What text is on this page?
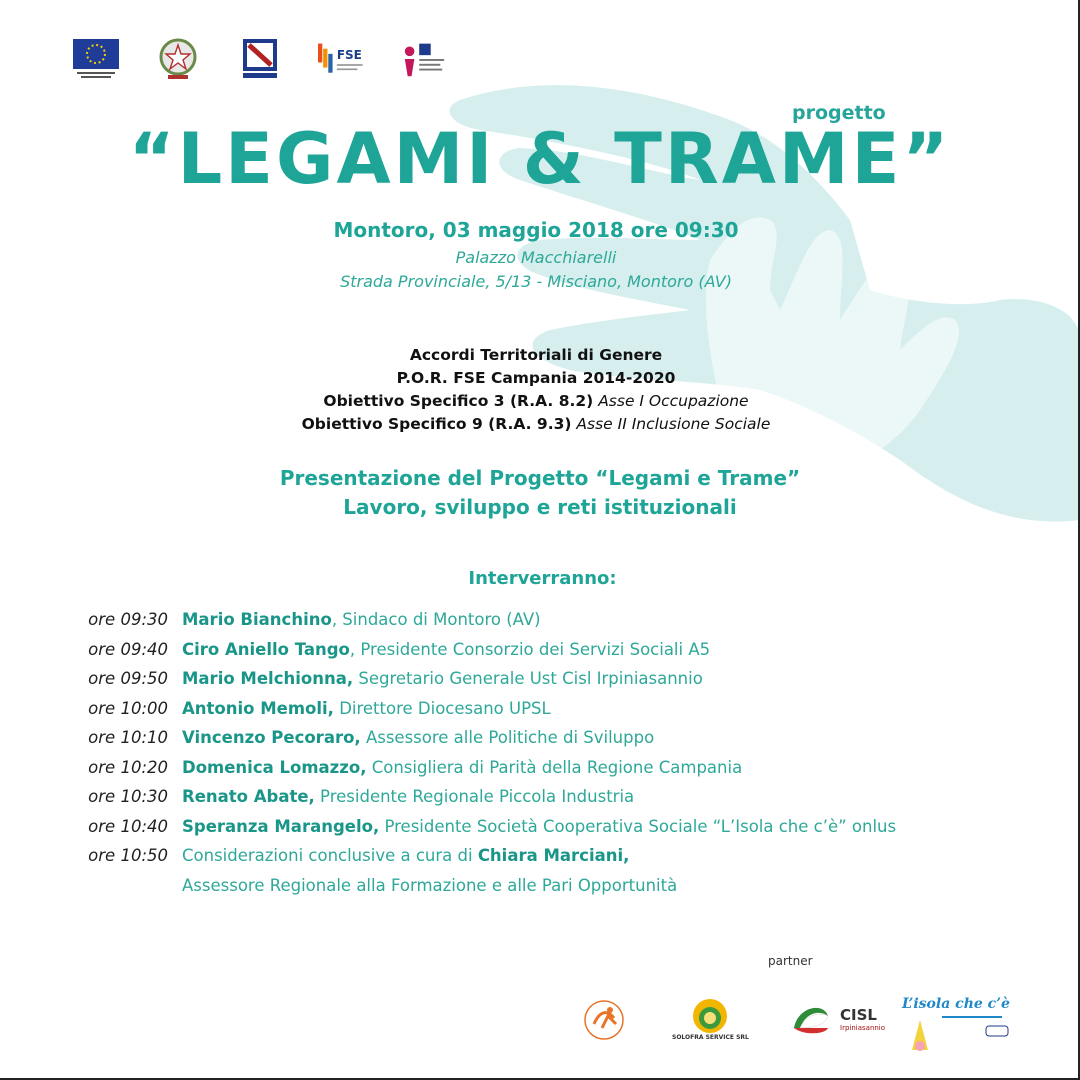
FSE
progetto
“LEGAMI & TRAME”
Montoro, 03 maggio 2018 ore 09:30
Palazzo Macchiarelli
Strada Provinciale, 5/13 - Misciano, Montoro (AV)
Accordi Territoriali di Genere
P.O.R. FSE Campania 2014-2020
Obiettivo Specifico 3 (R.A. 8.2) Asse I Occupazione
Obiettivo Specifico 9 (R.A. 9.3) Asse II Inclusione Sociale
Presentazione del Progetto “Legami e Trame”
Lavoro, sviluppo e reti istituzionali
Interverranno:
ore 09:30 Mario Bianchino, Sindaco di Montoro (AV)
ore 09:40 Ciro Aniello Tango, Presidente Consorzio dei Servizi Sociali A5
ore 09:50 Mario Melchionna, Segretario Generale Ust Cisl Irpiniasannio
ore 10:00 Antonio Memoli, Direttore Diocesano UPSL
ore 10:10 Vincenzo Pecoraro, Assessore alle Politiche di Sviluppo
ore 10:20 Domenica Lomazzo, Consigliera di Parità della Regione Campania
ore 10:30 Renato Abate, Presidente Regionale Piccola Industria
ore 10:40 Speranza Marangelo, Presidente Società Cooperativa Sociale “L’Isola che c’è” onlus
ore 10:50 Considerazioni conclusive a cura di Chiara Marciani,
Assessore Regionale alla Formazione e alle Pari Opportunità
partner
SOLOFRA SERVICE SRL
CISL
Irpiniasannio
L’isola che c’è
